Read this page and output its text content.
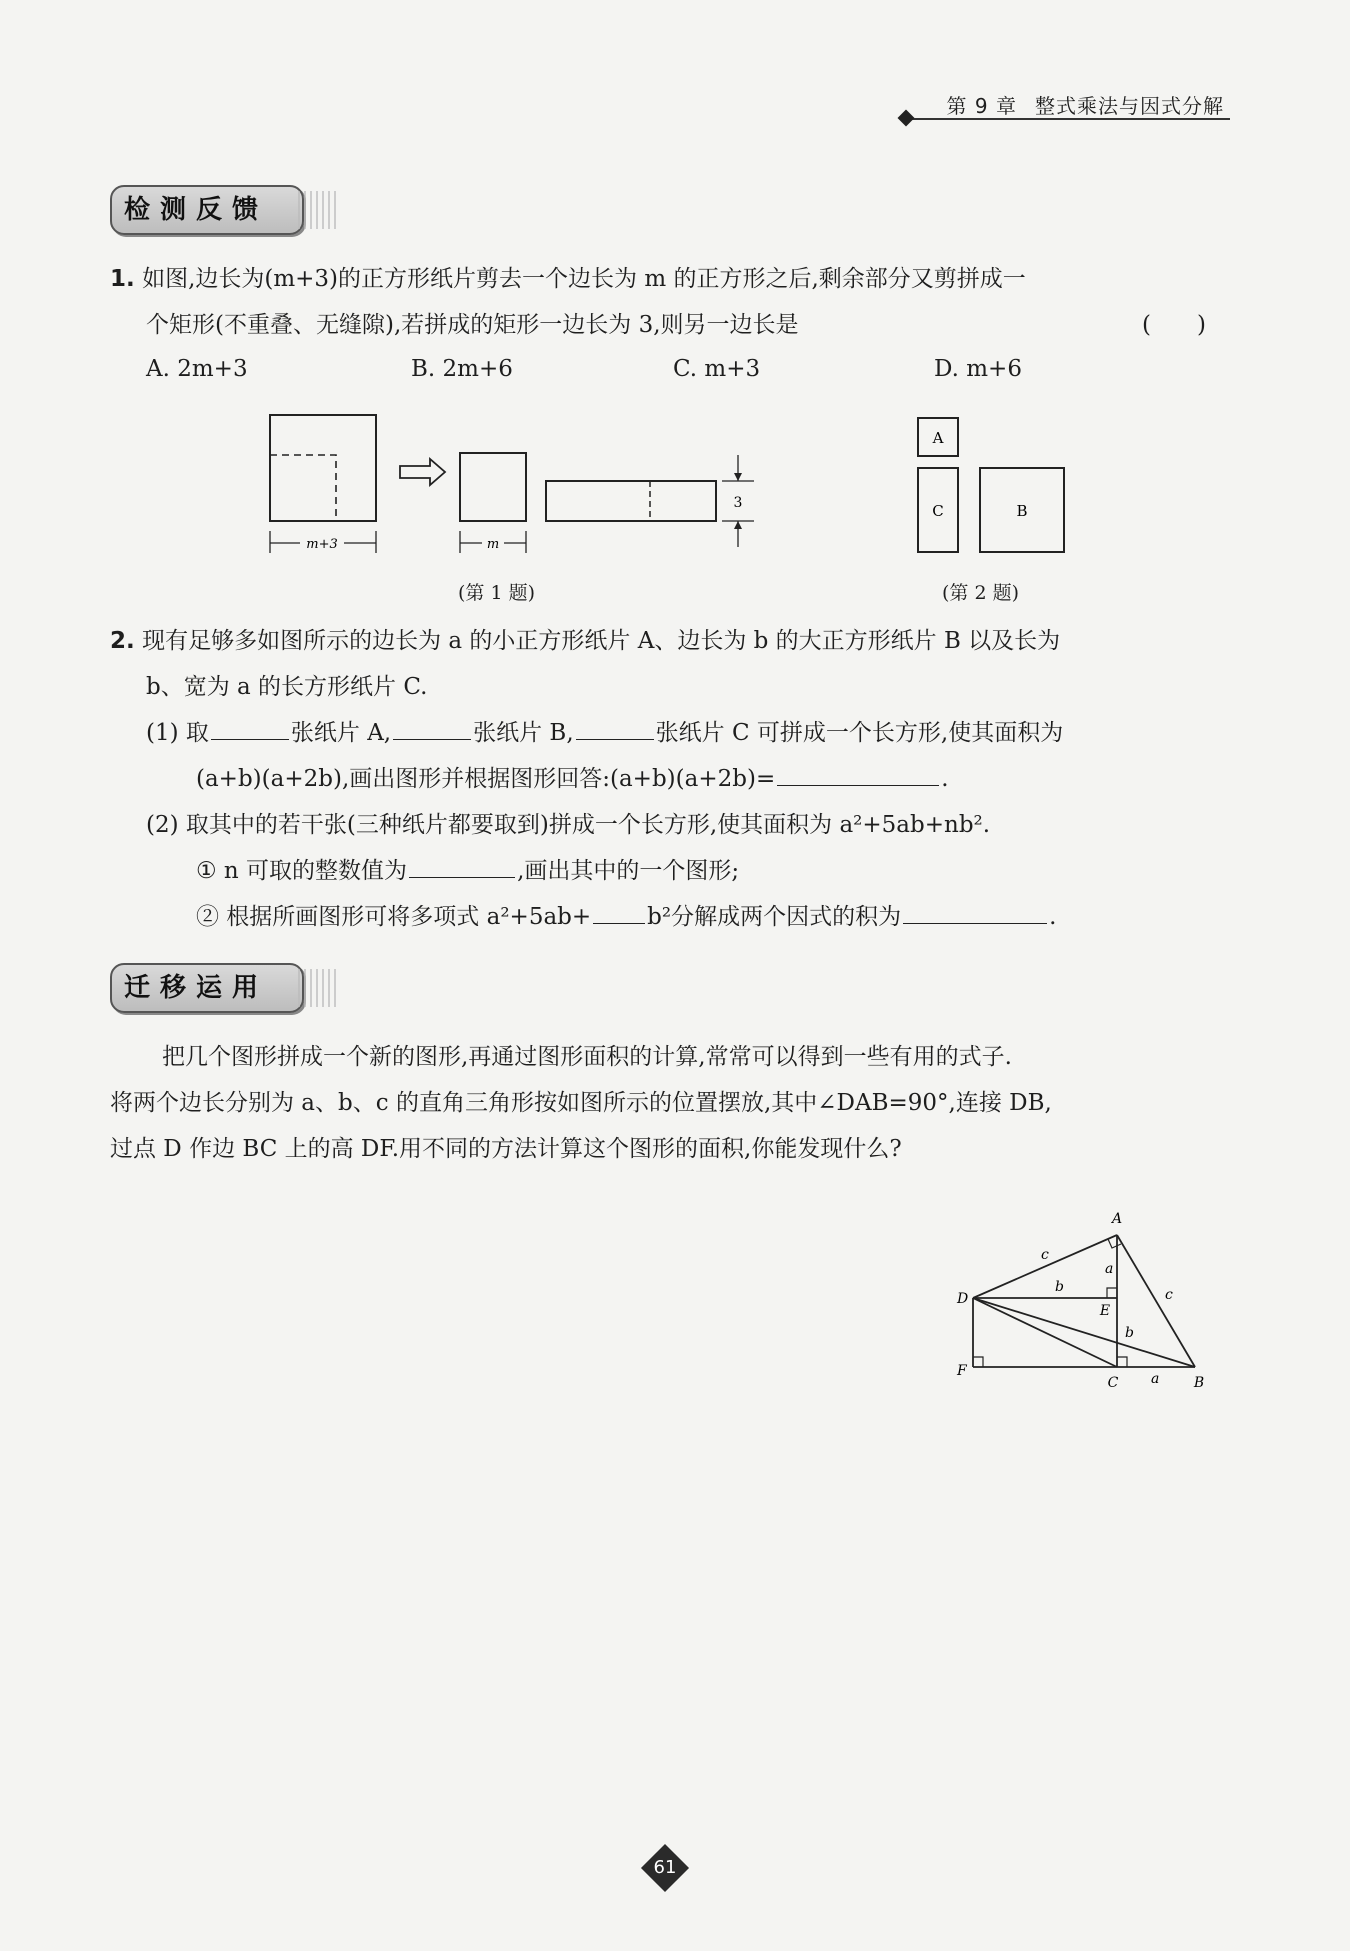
第 9 章 整式乘法与因式分解
检测反馈
1. 如图,边长为(m+3)的正方形纸片剪去一个边长为 m 的正方形之后,剩余部分又剪拼成一
个矩形(不重叠、无缝隙),若拼成的矩形一边长为 3,则另一边长是	(　　)
A. 2m+3	B. 2m+6	C. m+3	D. m+6
m+3	m
3
(第 1 题)
A
C	B
(第 2 题)
2. 现有足够多如图所示的边长为 a 的小正方形纸片 A、边长为 b 的大正方形纸片 B 以及长为
b、宽为 a 的长方形纸片 C.
(1) 取	张纸片 A,	张纸片 B,	张纸片 C 可拼成一个长方形,使其面积为
(a+b)(a+2b),画出图形并根据图形回答:(a+b)(a+2b)=	.
(2) 取其中的若干张(三种纸片都要取到)拼成一个长方形,使其面积为 a²+5ab+nb².
① n 可取的整数值为	,画出其中的一个图形;
② 根据所画图形可将多项式 a²+5ab+ b²分解成两个因式的积为	.
迁移运用
把几个图形拼成一个新的图形,再通过图形面积的计算,常常可以得到一些有用的式子.
将两个边长分别为 a、b、c 的直角三角形按如图所示的位置摆放,其中∠DAB=90°,连接 DB,
过点 D 作边 BC 上的高 DF.用不同的方法计算这个图形的面积,你能发现什么?
A
D
F
C	B
E
c
c
a
a
b
b
61
